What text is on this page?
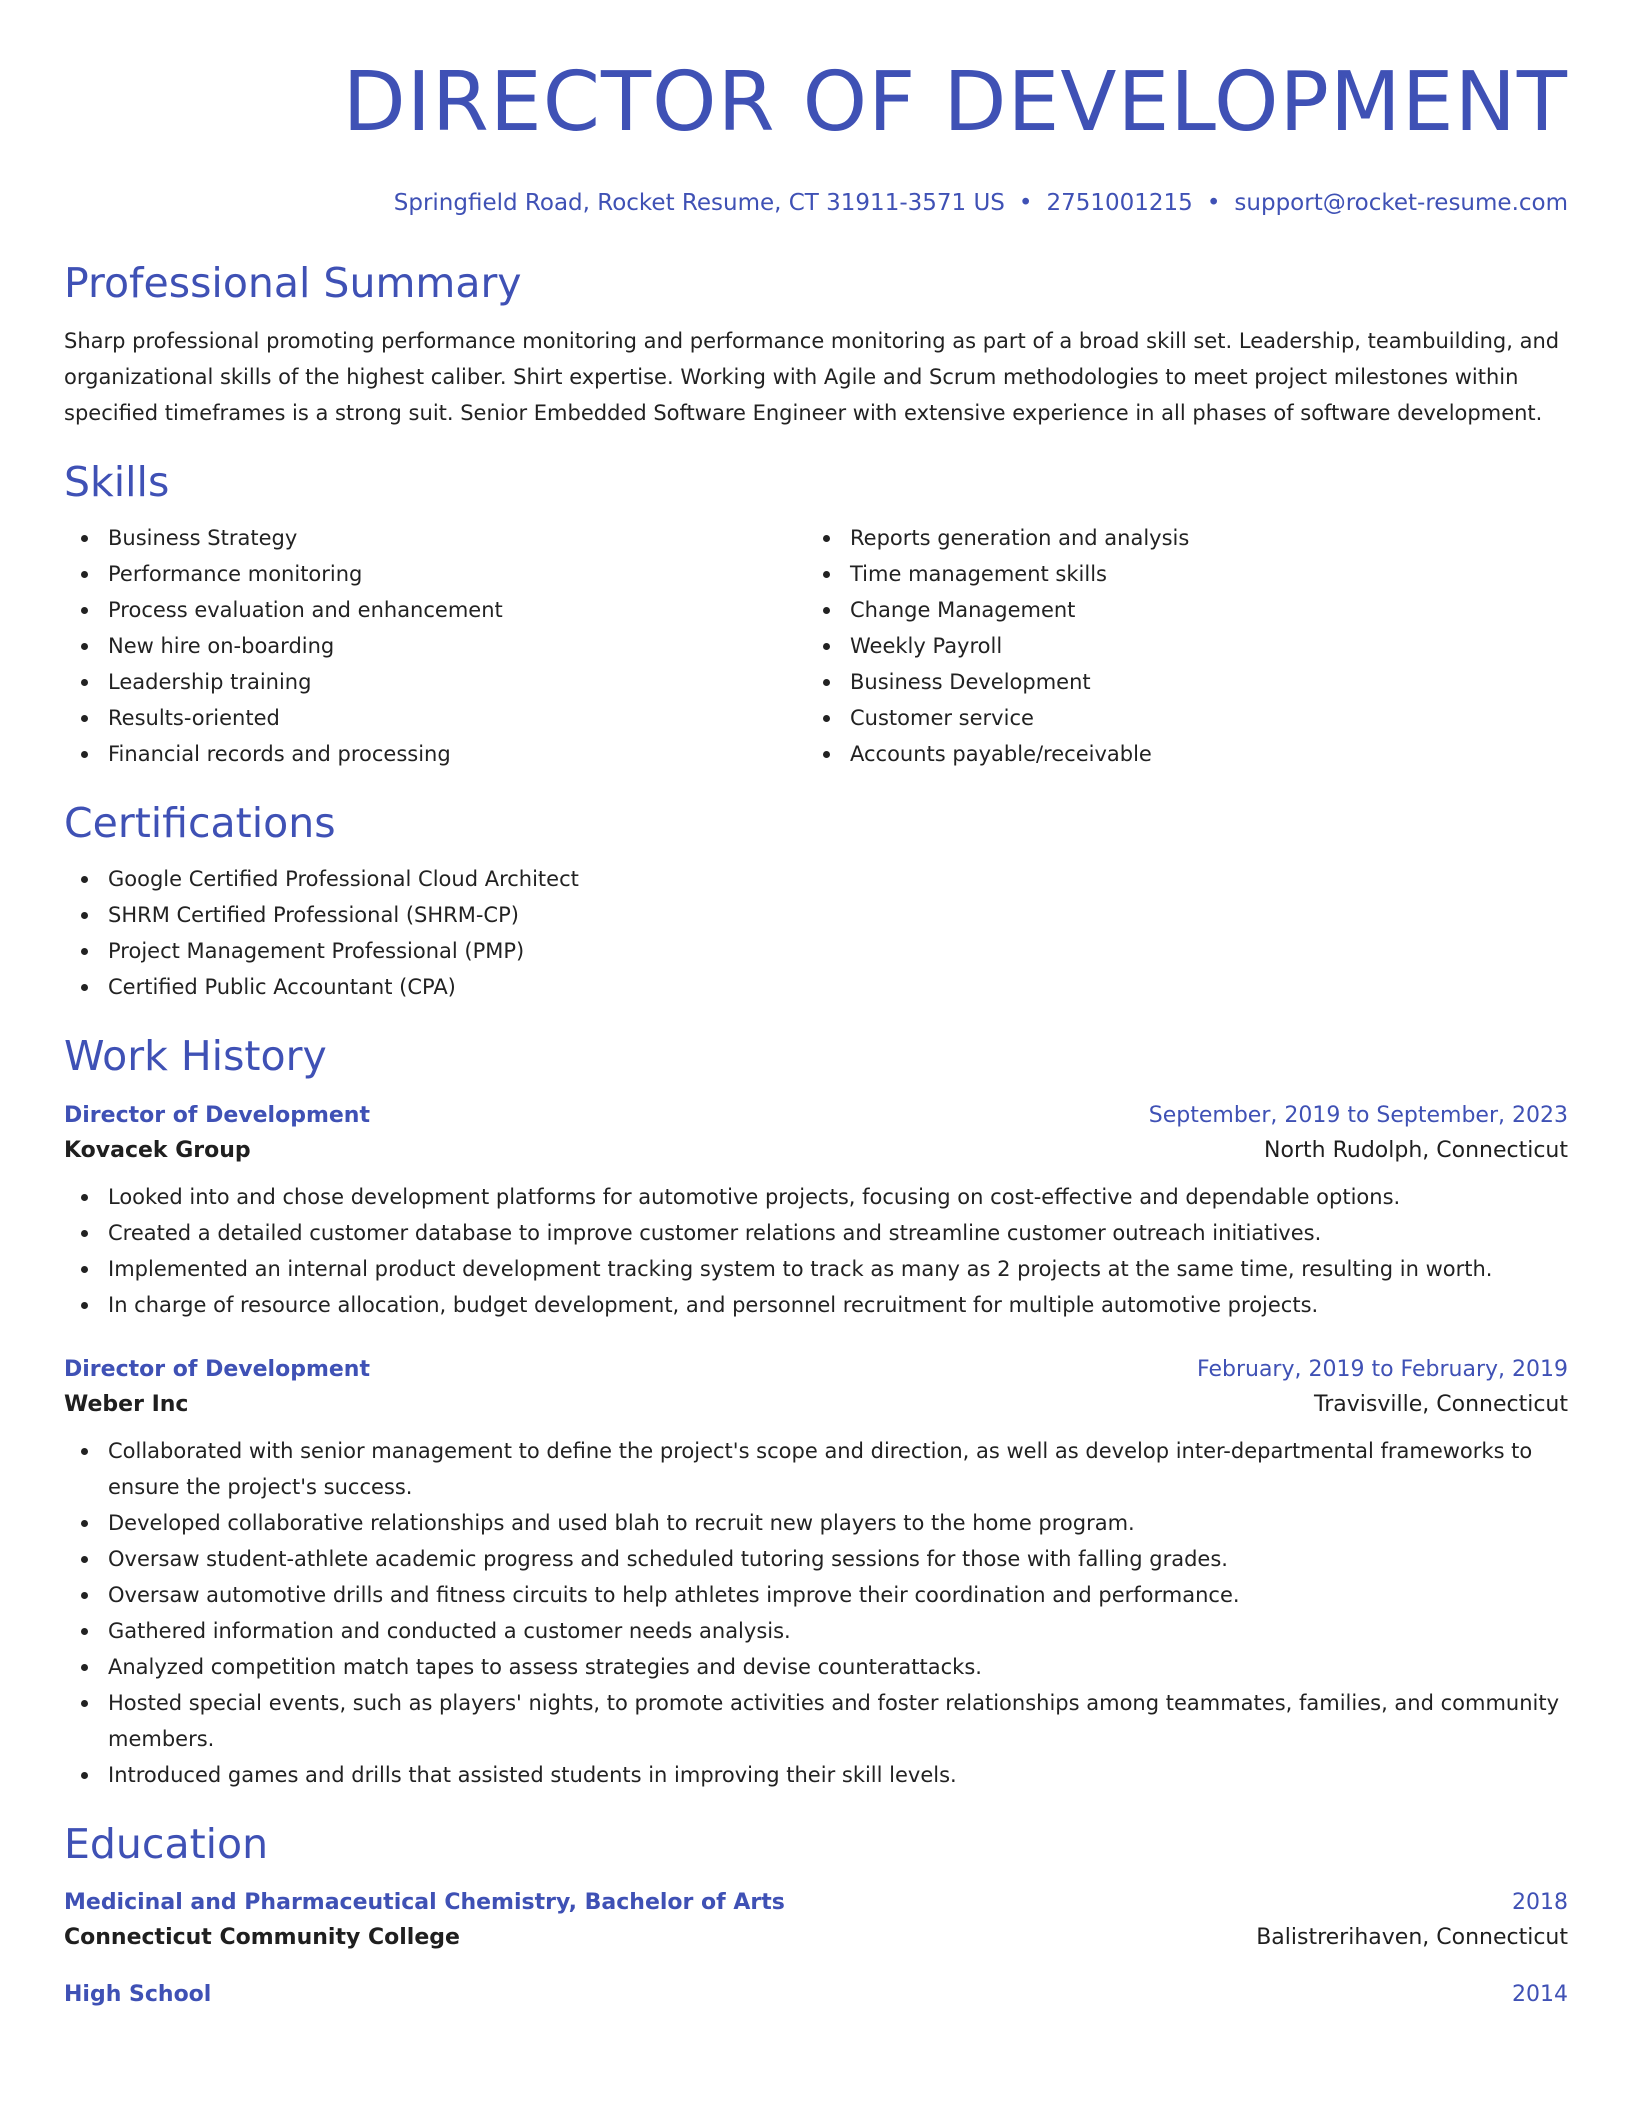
DIRECTOR OF DEVELOPMENT
Springfield Road, Rocket Resume, CT 31911-3571 US • 2751001215 • support@rocket-resume.com
Professional Summary

Sharp professional promoting performance monitoring and performance monitoring as part of a broad skill set. Leadership, teambuilding, and organizational skills of the highest caliber. Shirt expertise. Working with Agile and Scrum methodologies to meet project milestones within specified timeframes is a strong suit. Senior Embedded Software Engineer with extensive experience in all phases of software development.

Skills
Business Strategy
Performance monitoring
Process evaluation and enhancement
New hire on-boarding
Leadership training
Results-oriented
Financial records and processing
Reports generation and analysis
Time management skills
Change Management
Weekly Payroll
Business Development
Customer service
Accounts payable/receivable
Certifications
Google Certified Professional Cloud Architect
SHRM Certified Professional (SHRM-CP)
Project Management Professional (PMP)
Certified Public Accountant (CPA)
Work History
Director of Development	September, 2019 to September, 2023
Kovacek Group	North Rudolph, Connecticut
Looked into and chose development platforms for automotive projects, focusing on cost-effective and dependable options.
Created a detailed customer database to improve customer relations and streamline customer outreach initiatives.
Implemented an internal product development tracking system to track as many as 2 projects at the same time, resulting in worth.
In charge of resource allocation, budget development, and personnel recruitment for multiple automotive projects.
Director of Development	February, 2019 to February, 2019
Weber Inc	Travisville, Connecticut
Collaborated with senior management to define the project's scope and direction, as well as develop inter-departmental frameworks to ensure the project's success.
Developed collaborative relationships and used blah to recruit new players to the home program.
Oversaw student-athlete academic progress and scheduled tutoring sessions for those with falling grades.
Oversaw automotive drills and fitness circuits to help athletes improve their coordination and performance.
Gathered information and conducted a customer needs analysis.
Analyzed competition match tapes to assess strategies and devise counterattacks.
Hosted special events, such as players' nights, to promote activities and foster relationships among teammates, families, and community members.
Introduced games and drills that assisted students in improving their skill levels.
Education
Medicinal and Pharmaceutical Chemistry, Bachelor of Arts	2018
Connecticut Community College	Balistrerihaven, Connecticut
High School	2014
